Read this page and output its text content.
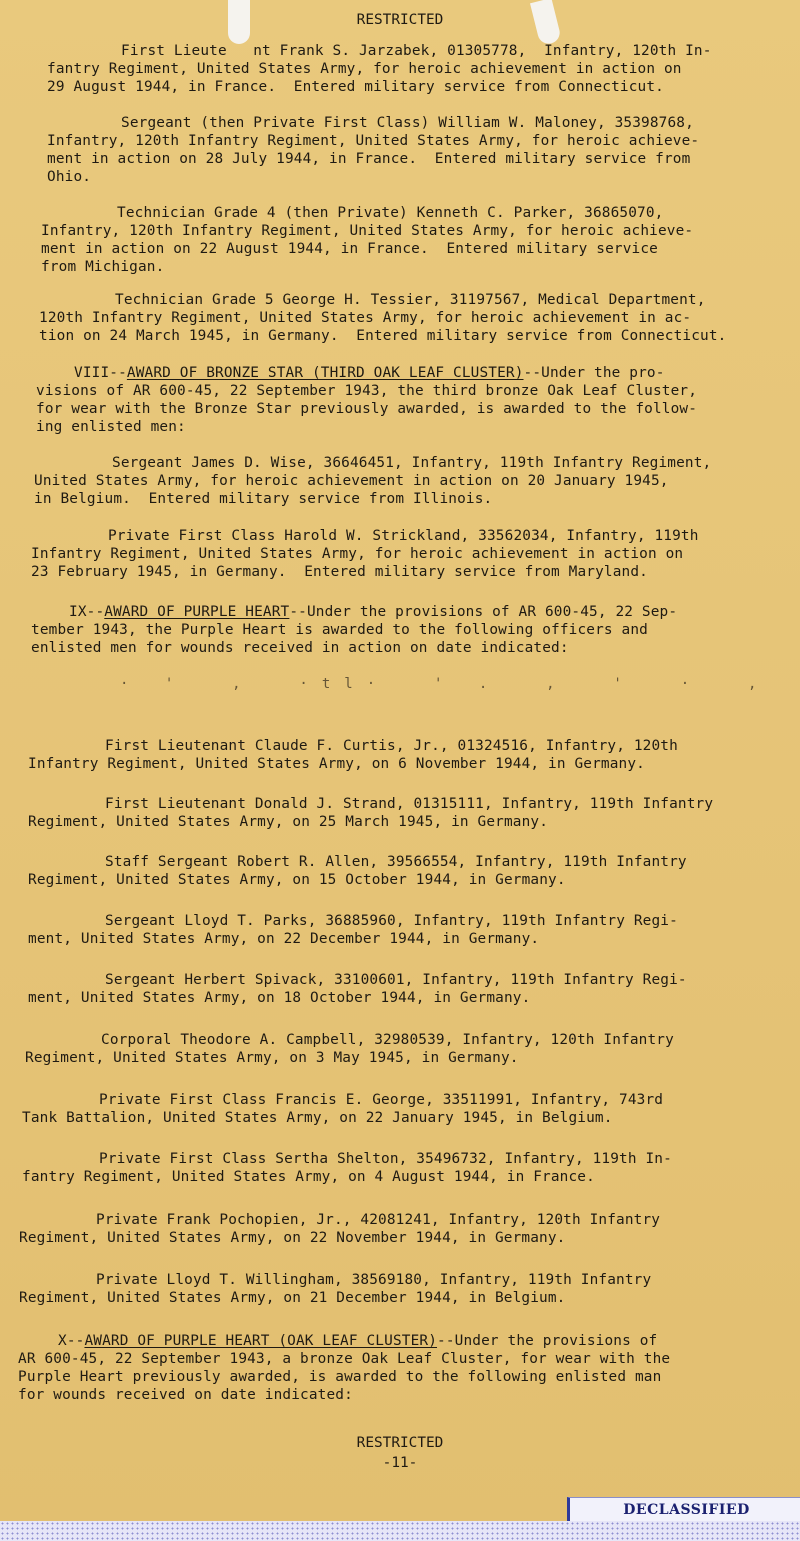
RESTRICTED
First Lieute   nt Frank S. Jarzabek, 01305778,  Infantry, 120th In-
fantry Regiment, United States Army, for heroic achievement in action on
29 August 1944, in France.  Entered military service from Connecticut.
Sergeant (then Private First Class) William W. Maloney, 35398768,
Infantry, 120th Infantry Regiment, United States Army, for heroic achieve-
ment in action on 28 July 1944, in France.  Entered military service from
Ohio.
Technician Grade 4 (then Private) Kenneth C. Parker, 36865070,
Infantry, 120th Infantry Regiment, United States Army, for heroic achieve-
ment in action on 22 August 1944, in France.  Entered military service
from Michigan.
Technician Grade 5 George H. Tessier, 31197567, Medical Department,
120th Infantry Regiment, United States Army, for heroic achievement in ac-
tion on 24 March 1945, in Germany.  Entered military service from Connecticut.
VIII--AWARD OF BRONZE STAR (THIRD OAK LEAF CLUSTER)--Under the pro-
visions of AR 600-45, 22 September 1943, the third bronze Oak Leaf Cluster,
for wear with the Bronze Star previously awarded, is awarded to the follow-
ing enlisted men:
Sergeant James D. Wise, 36646451, Infantry, 119th Infantry Regiment,
United States Army, for heroic achievement in action on 20 January 1945,
in Belgium.  Entered military service from Illinois.
Private First Class Harold W. Strickland, 33562034, Infantry, 119th
Infantry Regiment, United States Army, for heroic achievement in action on
23 February 1945, in Germany.  Entered military service from Maryland.
IX--AWARD OF PURPLE HEART--Under the provisions of AR 600-45, 22 Sep-
tember 1943, the Purple Heart is awarded to the following officers and
enlisted men for wounds received in action on date indicated:
First Lieutenant Claude F. Curtis, Jr., 01324516, Infantry, 120th
Infantry Regiment, United States Army, on 6 November 1944, in Germany.
First Lieutenant Donald J. Strand, 01315111, Infantry, 119th Infantry
Regiment, United States Army, on 25 March 1945, in Germany.
Staff Sergeant Robert R. Allen, 39566554, Infantry, 119th Infantry
Regiment, United States Army, on 15 October 1944, in Germany.
Sergeant Lloyd T. Parks, 36885960, Infantry, 119th Infantry Regi-
ment, United States Army, on 22 December 1944, in Germany.
Sergeant Herbert Spivack, 33100601, Infantry, 119th Infantry Regi-
ment, United States Army, on 18 October 1944, in Germany.
Corporal Theodore A. Campbell, 32980539, Infantry, 120th Infantry
Regiment, United States Army, on 3 May 1945, in Germany.
Private First Class Francis E. George, 33511991, Infantry, 743rd
Tank Battalion, United States Army, on 22 January 1945, in Belgium.
Private First Class Sertha Shelton, 35496732, Infantry, 119th In-
fantry Regiment, United States Army, on 4 August 1944, in France.
Private Frank Pochopien, Jr., 42081241, Infantry, 120th Infantry
Regiment, United States Army, on 22 November 1944, in Germany.
Private Lloyd T. Willingham, 38569180, Infantry, 119th Infantry
Regiment, United States Army, on 21 December 1944, in Belgium.
X--AWARD OF PURPLE HEART (OAK LEAF CLUSTER)--Under the provisions of
AR 600-45, 22 September 1943, a bronze Oak Leaf Cluster, for wear with the
Purple Heart previously awarded, is awarded to the following enlisted man
for wounds received on date indicated:
· '  ,  ·tl·  ' .  ,  '  ·  ,
RESTRICTED
-11-
DECLASSIFIED
